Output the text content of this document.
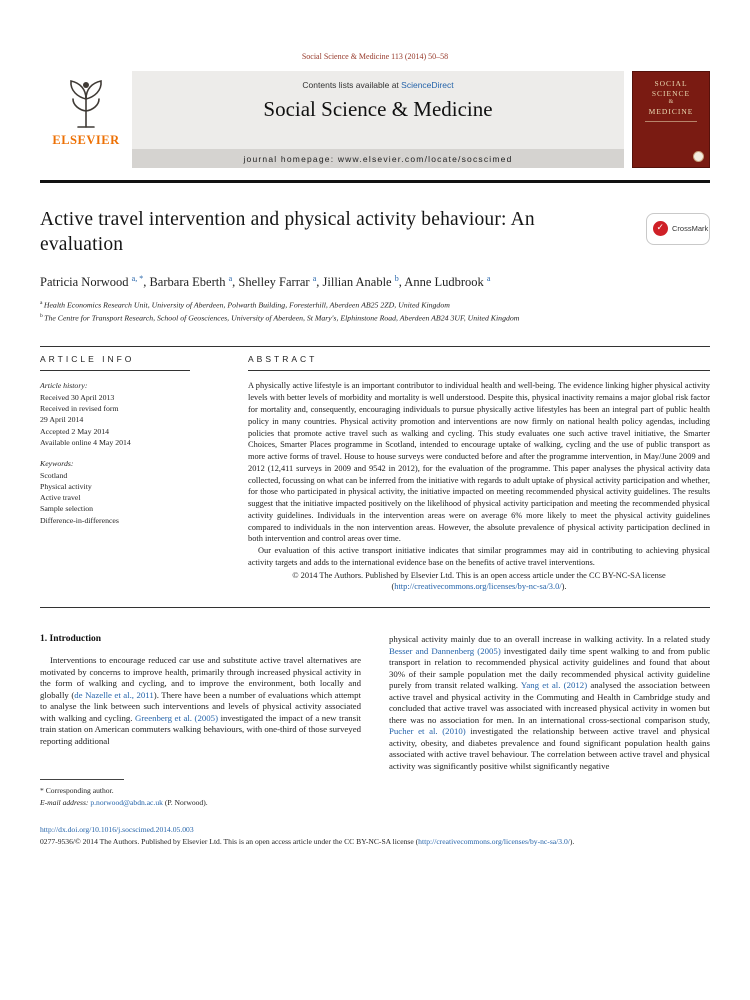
Social Science & Medicine 113 (2014) 50–58
ELSEVIER
Contents lists available at ScienceDirect
Social Science & Medicine
journal homepage: www.elsevier.com/locate/socscimed
SOCIAL
SCIENCE
&
MEDICINE
Active travel intervention and physical activity behaviour: An evaluation
✓
CrossMark
Patricia Norwood $^{a, *}$, Barbara Eberth $^a$, Shelley Farrar $^a$, Jillian Anable $^b$, Anne Ludbrook $^a$
$^a$ Health Economics Research Unit, University of Aberdeen, Polwarth Building, Foresterhill, Aberdeen AB25 2ZD, United Kingdom
$^b$ The Centre for Transport Research, School of Geosciences, University of Aberdeen, St Mary's, Elphinstone Road, Aberdeen AB24 3UF, United Kingdom
ARTICLE INFO
Article history:
Received 30 April 2013
Received in revised form
29 April 2014
Accepted 2 May 2014
Available online 4 May 2014
Keywords:
Scotland
Physical activity
Active travel
Sample selection
Difference-in-differences
ABSTRACT

A physically active lifestyle is an important contributor to individual health and well-being. The evidence linking higher physical activity levels with better levels of morbidity and mortality is well understood. Despite this, physical inactivity remains a major global risk factor for mortality and, consequently, encouraging individuals to pursue physically active lifestyles has been an integral part of public health policy in many countries. Physical activity promotion and interventions are now firmly on national health policy agendas, including policies that promote active travel such as walking and cycling. This study evaluates one such active travel initiative, the Smarter Choices, Smarter Places programme in Scotland, intended to encourage uptake of walking, cycling and the use of public transport as more active forms of travel. House to house surveys were conducted before and after the programme intervention, in May/June 2009 and 2012 (12,411 surveys in 2009 and 9542 in 2012), for the evaluation of the programme. This paper analyses the physical activity data collected, focussing on what can be inferred from the initiative with regards to adult uptake of physical activity participation and whether, for those who participated in physical activity, the initiative impacted on meeting recommended physical activity guidelines. The results suggest that the initiative impacted positively on the likelihood of physical activity participation and meeting the recommended physical activity guidelines. Individuals in the intervention areas were on average 6% more likely to meet the physical activity guidelines compared to individuals in the non intervention areas. However, the absolute prevalence of physical activity participation declined in both intervention and control areas over time.

Our evaluation of this active transport initiative indicates that similar programmes may aid in contributing to achieving physical activity targets and adds to the international evidence base on the benefits of active travel interventions.

© 2014 The Authors. Published by Elsevier Ltd. This is an open access article under the CC BY-NC-SA license (http://creativecommons.org/licenses/by-nc-sa/3.0/).

1. Introduction

Interventions to encourage reduced car use and substitute active travel alternatives are motivated by concerns to improve health, primarily through increased physical activity in the form of walking and cycling, and to improve the environment, both locally and globally (de Nazelle et al., 2011). There have been a number of evaluations which attempt to analyse the link between such interventions and levels of physical activity associated with walking and cycling. Greenberg et al. (2005) investigated the impact of a new transit train station on American commuters walking behaviours, with one-third of those surveyed reporting additional

* Corresponding author.
E-mail address: p.norwood@abdn.ac.uk (P. Norwood).

physical activity mainly due to an overall increase in walking activity. In a related study Besser and Dannenberg (2005) investigated daily time spent walking to and from public transport in relation to recommended physical activity guidelines and found that about 30% of their sample population met the daily recommended physical activity guideline purely from transit related walking. Yang et al. (2012) analysed the association between active travel and physical activity in the Commuting and Health in Cambridge study and concluded that active travel was associated with increased physical activity in women but there was no association for men. In an international cross-sectional comparison study, Pucher et al. (2010) investigated the relationship between active travel and physical activity, obesity, and diabetes prevalence and found significant population health gains associated with active travel behaviour. The correlation between active travel and physical activity was significantly positive whilst significantly negative

http://dx.doi.org/10.1016/j.socscimed.2014.05.003
0277-9536/© 2014 The Authors. Published by Elsevier Ltd. This is an open access article under the CC BY-NC-SA license (http://creativecommons.org/licenses/by-nc-sa/3.0/).
